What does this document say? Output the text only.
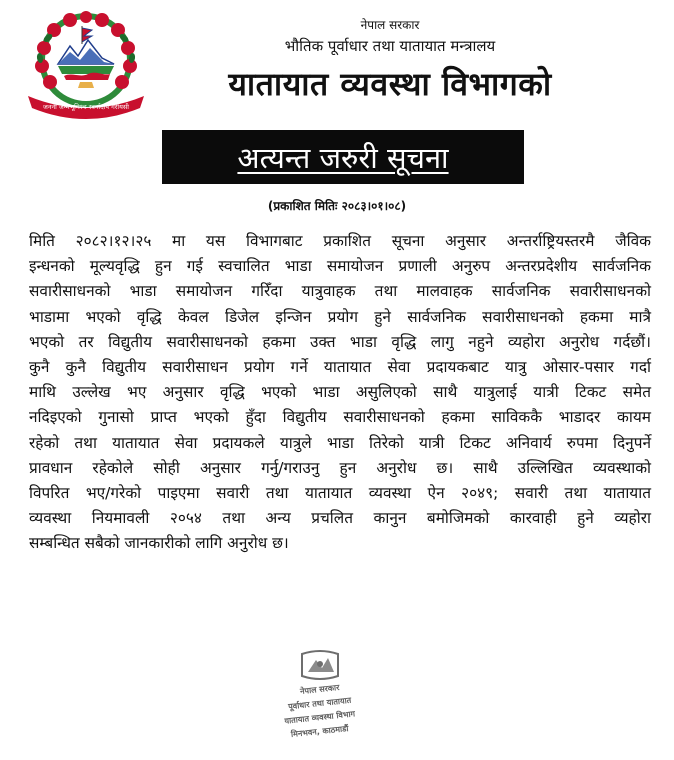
जननी जन्मभूमिश्च स्वर्गादपि गरीयसी

नेपाल सरकार

भौतिक पूर्वाधार तथा यातायात मन्त्रालय

यातायात व्यवस्था विभागको
अत्यन्त जरुरी सूचना
(प्रकाशित मितिः २०८३।०१।०८)
मिति २०८२।१२।२५ मा यस विभागबाट प्रकाशित सूचना अनुसार अन्तर्राष्ट्रियस्तरमै जैविक
इन्धनको मूल्यवृद्धि हुन गई स्वचालित भाडा समायोजन प्रणाली अनुरुप अन्तरप्रदेशीय सार्वजनिक
सवारीसाधनको भाडा समायोजन गरिँदा यात्रुवाहक तथा मालवाहक सार्वजनिक सवारीसाधनको
भाडामा भएको वृद्धि केवल डिजेल इन्जिन प्रयोग हुने सार्वजनिक सवारीसाधनको हकमा मात्रै
भएको तर विद्युतीय सवारीसाधनको हकमा उक्त भाडा वृद्धि लागु नहुने व्यहोरा अनुरोध गर्दछौं।
कुनै कुनै विद्युतीय सवारीसाधन प्रयोग गर्ने यातायात सेवा प्रदायकबाट यात्रु ओसार-पसार गर्दा
माथि उल्लेख भए अनुसार वृद्धि भएको भाडा असुलिएको साथै यात्रुलाई यात्री टिकट समेत
नदिइएको गुनासो प्राप्त भएको हुँदा विद्युतीय सवारीसाधनको हकमा साविककै भाडादर कायम
रहेको तथा यातायात सेवा प्रदायकले यात्रुले भाडा तिरेको यात्री टिकट अनिवार्य रुपमा दिनुपर्ने
प्रावधान रहेकोले सोही अनुसार गर्नु/गराउनु हुन अनुरोध छ। साथै उल्लिखित व्यवस्थाको
विपरित भए/गरेको पाइएमा सवारी तथा यातायात व्यवस्था ऐन २०४९; सवारी तथा यातायात
व्यवस्था नियमावली २०५४ तथा अन्य प्रचलित कानुन बमोजिमको कारवाही हुने व्यहोरा
सम्बन्धित सबैको जानकारीको लागि अनुरोध छ।
नेपाल सरकार
पूर्वाधार तथा यातायात
यातायात व्यवस्था विभाग
मिनभवन, काठमाडौं
